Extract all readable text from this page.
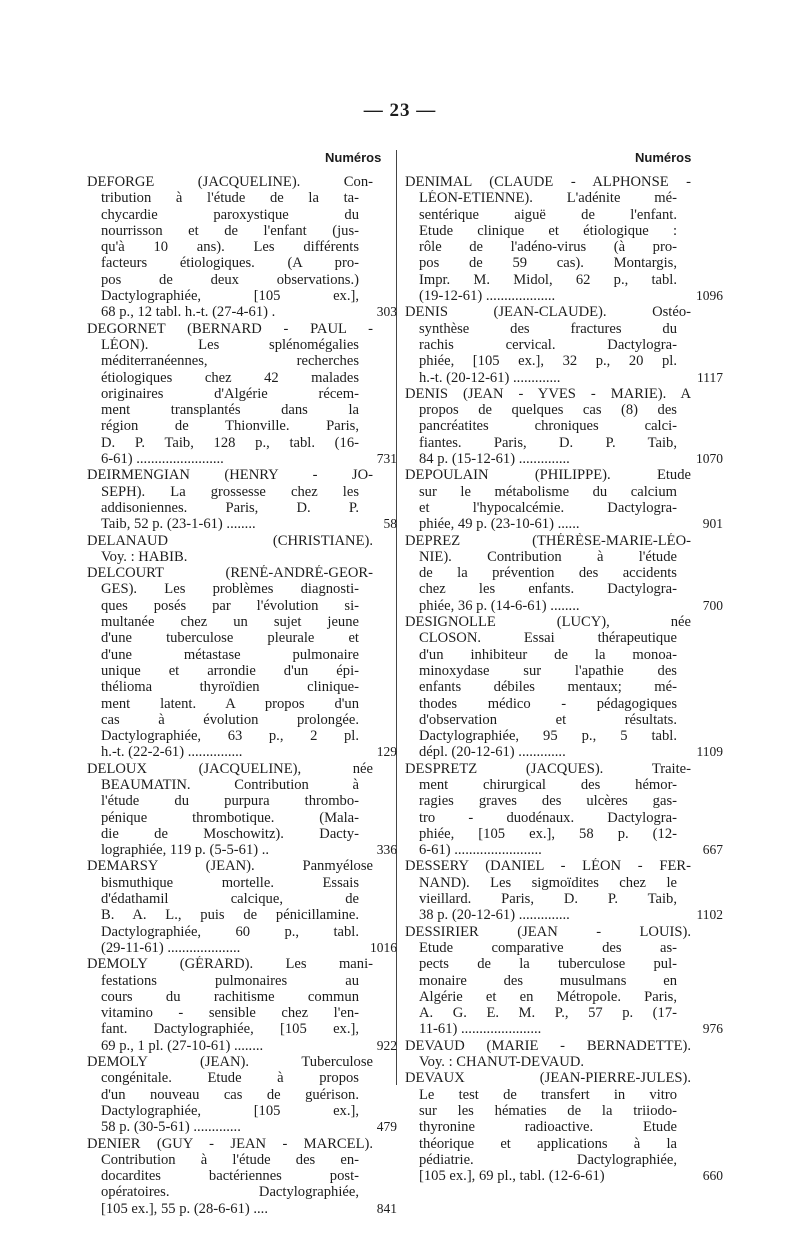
— 23 —
Numéros	Numéros
DEFORGE (JACQUELINE). Con-
tribution à l'étude de la ta-
chycardie paroxystique du
nourrisson et de l'enfant (jus-
qu'à 10 ans). Les différents
facteurs étiologiques. (A pro-
pos de deux observations.)
Dactylographiée, [105 ex.],
68 p., 12 tabl. h.-t. (27-4-61) .	303
DEGORNET (BERNARD - PAUL -
LÉON). Les splénomégalies
méditerranéennes, recherches
étiologiques chez 42 malades
originaires d'Algérie récem-
ment transplantés dans la
région de Thionville. Paris,
D. P. Taib, 128 p., tabl. (16-
6-61) ........................	731
DEIRMENGIAN (HENRY - JO-
SEPH). La grossesse chez les
addisoniennes. Paris, D. P.
Taib, 52 p. (23-1-61) ........	58
DELANAUD (CHRISTIANE).
Voy. : HABIB.
DELCOURT (RENÉ-ANDRÉ-GEOR-
GES). Les problèmes diagnosti-
ques posés par l'évolution si-
multanée chez un sujet jeune
d'une tuberculose pleurale et
d'une métastase pulmonaire
unique et arrondie d'un épi-
thélioma thyroïdien clinique-
ment latent. A propos d'un
cas à évolution prolongée.
Dactylographiée, 63 p., 2 pl.
h.-t. (22-2-61) ...............	129
DELOUX (JACQUELINE), née
BEAUMATIN. Contribution à
l'étude du purpura thrombo-
pénique thrombotique. (Mala-
die de Moschowitz). Dacty-
lographiée, 119 p. (5-5-61) ..	336
DEMARSY (JEAN). Panmyélose
bismuthique mortelle. Essais
d'édathamil calcique, de
B. A. L., puis de pénicillamine.
Dactylographiée, 60 p., tabl.
(29-11-61) ....................	1016
DEMOLY (GÉRARD). Les mani-
festations pulmonaires au
cours du rachitisme commun
vitamino - sensible chez l'en-
fant. Dactylographiée, [105 ex.],
69 p., 1 pl. (27-10-61) ........	922
DEMOLY (JEAN). Tuberculose
congénitale. Etude à propos
d'un nouveau cas de guérison.
Dactylographiée, [105 ex.],
58 p. (30-5-61) .............	479
DENIER (GUY - JEAN - MARCEL).
Contribution à l'étude des en-
docardites bactériennes post-
opératoires. Dactylographiée,
[105 ex.], 55 p. (28-6-61) ....	841
DENIMAL (CLAUDE - ALPHONSE -
LÉON-ETIENNE). L'adénite mé-
sentérique aiguë de l'enfant.
Etude clinique et étiologique :
rôle de l'adéno-virus (à pro-
pos de 59 cas). Montargis,
Impr. M. Midol, 62 p., tabl.
(19-12-61) ...................	1096
DENIS (JEAN-CLAUDE). Ostéo-
synthèse des fractures du
rachis cervical. Dactylogra-
phiée, [105 ex.], 32 p., 20 pl.
h.-t. (20-12-61) .............	1117
DENIS (JEAN - YVES - MARIE). A
propos de quelques cas (8) des
pancréatites chroniques calci-
fiantes. Paris, D. P. Taib,
84 p. (15-12-61) ..............	1070
DEPOULAIN (PHILIPPE). Etude
sur le métabolisme du calcium
et l'hypocalcémie. Dactylogra-
phiée, 49 p. (23-10-61) ......	901
DEPREZ (THÉRÈSE-MARIE-LÉO-
NIE). Contribution à l'étude
de la prévention des accidents
chez les enfants. Dactylogra-
phiée, 36 p. (14-6-61) ........	700
DESIGNOLLE (LUCY), née
CLOSON. Essai thérapeutique
d'un inhibiteur de la monoa-
minoxydase sur l'apathie des
enfants débiles mentaux; mé-
thodes médico - pédagogiques
d'observation et résultats.
Dactylographiée, 95 p., 5 tabl.
dépl. (20-12-61) .............	1109
DESPRETZ (JACQUES). Traite-
ment chirurgical des hémor-
ragies graves des ulcères gas-
tro - duodénaux. Dactylogra-
phiée, [105 ex.], 58 p. (12-
6-61) ........................	667
DESSERY (DANIEL - LÉON - FER-
NAND). Les sigmoïdites chez le
vieillard. Paris, D. P. Taib,
38 p. (20-12-61) ..............	1102
DESSIRIER (JEAN - LOUIS).
Etude comparative des as-
pects de la tuberculose pul-
monaire des musulmans en
Algérie et en Métropole. Paris,
A. G. E. M. P., 57 p. (17-
11-61) ......................	976
DEVAUD (MARIE - BERNADETTE).
Voy. : CHANUT-DEVAUD.
DEVAUX (JEAN-PIERRE-JULES).
Le test de transfert in vitro
sur les hématies de la triiodo-
thyronine radioactive. Etude
théorique et applications à la
pédiatrie. Dactylographiée,
[105 ex.], 69 pl., tabl. (12-6-61)	660
